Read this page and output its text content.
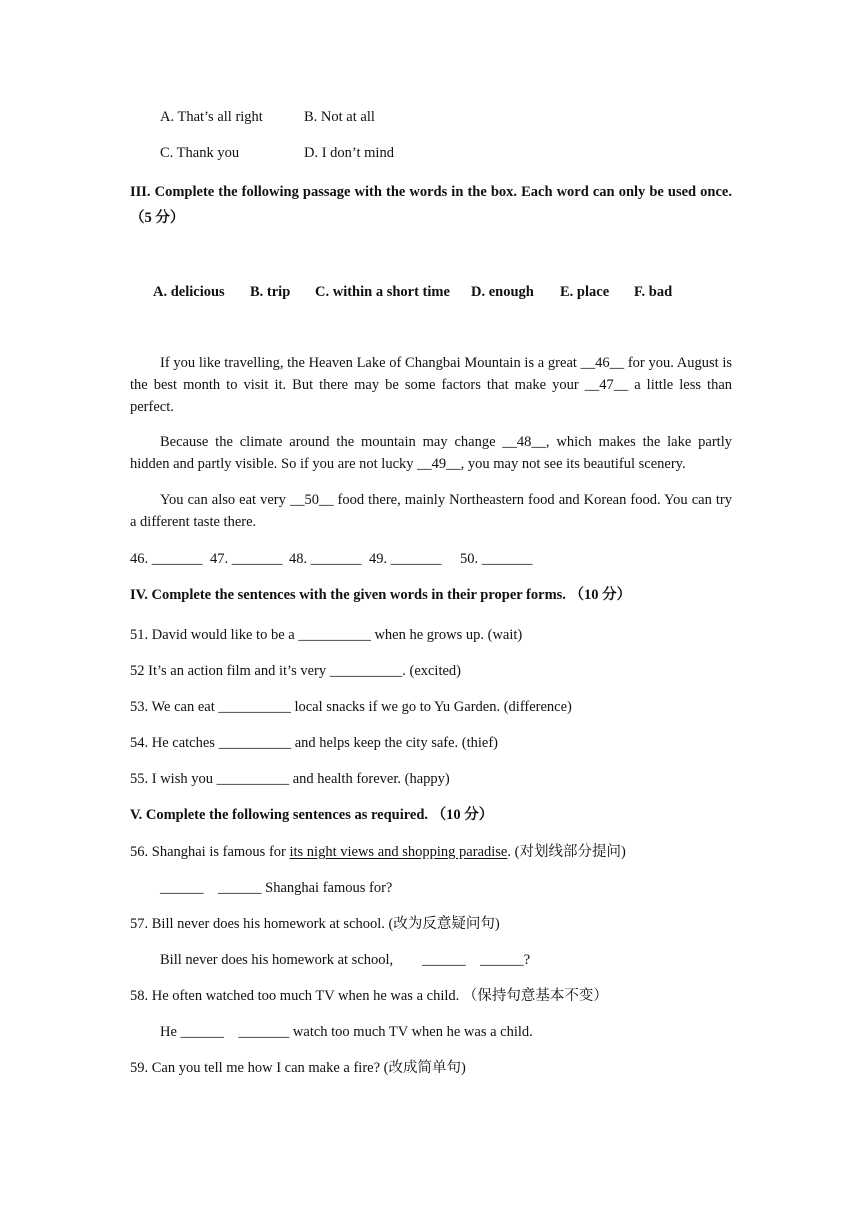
A. That’s all right	B. Not at all
C. Thank you	D. I don’t mind
III. Complete the following passage with the words in the box. Each word can only be used once. （5 分）
A. delicious B. trip C. within a short time D. enough E. place F. bad
If you like travelling, the Heaven Lake of Changbai Mountain is a great __46__ for you. August is the best month to visit it. But there may be some factors that make your __47__ a little less than perfect.
Because the climate around the mountain may change __48__, which makes the lake partly hidden and partly visible. So if you are not lucky __49__, you may not see its beautiful scenery.
You can also eat very __50__ food there, mainly Northeastern food and Korean food. You can try a different taste there.
46. _______ 47. _______ 48. _______ 49. _______ 50. _______
IV. Complete the sentences with the given words in their proper forms. （10 分）
51. David would like to be a __________ when he grows up. (wait)
52 It’s an action film and it’s very __________. (excited)
53. We can eat __________ local snacks if we go to Yu Garden. (difference)
54. He catches __________ and helps keep the city safe. (thief)
55. I wish you __________ and health forever. (happy)
V. Complete the following sentences as required. （10 分）
56. Shanghai is famous for its night views and shopping paradise. (对划线部分提问)
______    ______ Shanghai famous for?
57. Bill never does his homework at school. (改为反意疑问句)
Bill never does his homework at school,        ______    ______?
58. He often watched too much TV when he was a child. （保持句意基本不变）
He ______    _______ watch too much TV when he was a child.
59. Can you tell me how I can make a fire? (改成简单句)
